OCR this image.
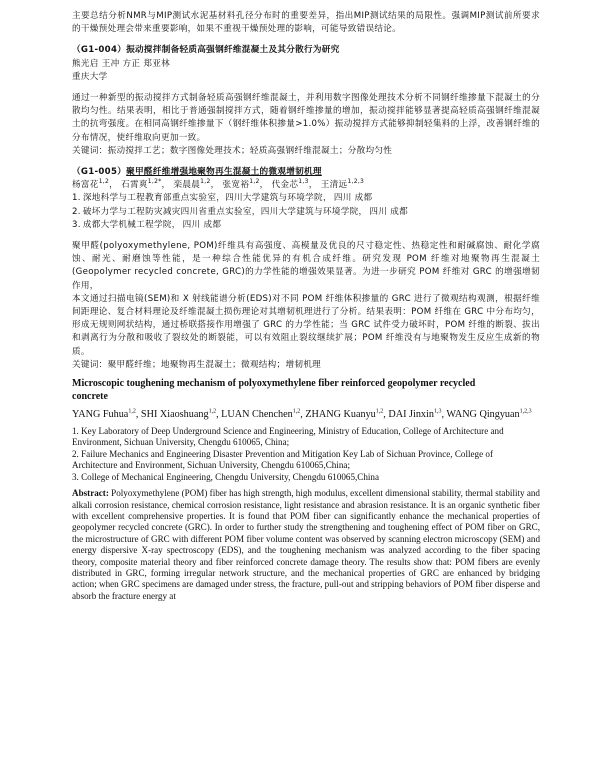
主要总结分析NMR与MIP测试水泥基材料孔径分布时的重要差异，指出MIP测试结果的局限性。强调MIP测试前所要求的干燥预处理会带来重要影响，如果不重视干燥预处理的影响，可能导致错误结论。

（G1-004）振动搅拌制备轻质高强钢纤维混凝土及其分散行为研究

熊光启 王冲 方正 郑亚林

重庆大学

通过一种新型的振动搅拌方式制备轻质高强钢纤维混凝土，并利用数字图像处理技术分析不同钢纤维掺量下混凝土的分散均匀性。结果表明，相比于普通强制搅拌方式，随着钢纤维掺量的增加，振动搅拌能够显著提高轻质高强钢纤维混凝土的抗弯强度。在相同高钢纤维掺量下（钢纤维体积掺量>1.0%）振动搅拌方式能够抑制轻集料的上浮，改善钢纤维的分布情况，使纤维取向更加一致。

关键词：振动搅拌工艺；数字图像处理技术；轻质高强钢纤维混凝土；分散均匀性

（G1-005）聚甲醛纤维增强地聚物再生混凝土的微观增韧机理

杨富花$^{1,2}$， 石霄爽$^{1,2*}$， 栾晨晨$^{1,2}$， 张宽裕$^{1,2}$， 代金芯$^{1,3}$， 王清远$^{1,2,3}$

1. 深地科学与工程教育部重点实验室，四川大学建筑与环境学院， 四川 成都

2. 破坏力学与工程防灾减灾四川省重点实验室，四川大学建筑与环境学院， 四川 成都

3. 成都大学机械工程学院， 四川 成都

聚甲醛(polyoxymethylene, POM)纤维具有高强度、高模量及优良的尺寸稳定性、热稳定性和耐碱腐蚀、耐化学腐蚀、耐光、耐磨蚀等性能，是一种综合性能优异的有机合成纤维。研究发现 POM 纤维对地聚物再生混凝土(Geopolymer recycled concrete, GRC)的力学性能的增强效果显著。为进一步研究 POM 纤维对 GRC 的增强增韧作用，

本文通过扫描电镜(SEM)和 X 射线能谱分析(EDS)对不同 POM 纤维体积掺量的 GRC 进行了微观结构观测，根据纤维间距理论、复合材料理论及纤维混凝土损伤理论对其增韧机理进行了分析。结果表明：POM 纤维在 GRC 中分布均匀，形成无规则网状结构，通过桥联搭接作用增强了 GRC 的力学性能；当 GRC 试件受力破坏时，POM 纤维的断裂、拔出和剥离行为分散和吸收了裂纹处的断裂能，可以有效阻止裂纹继续扩展；POM 纤维没有与地聚物发生反应生成新的物质。

关键词：聚甲醛纤维；地聚物再生混凝土；微观结构；增韧机理

Microscopic toughening mechanism of polyoxymethylene fiber reinforced geopolymer recycled
concrete

YANG Fuhua$^{1,2}$, SHI Xiaoshuang$^{1,2}$, LUAN Chenchen$^{1,2}$, ZHANG Kuanyu$^{1,2}$, DAI Jinxin$^{1,3}$, WANG Qingyuan$^{1,2,3}$

1. Key Laboratory of Deep Underground Science and Engineering, Ministry of Education, College of Architecture and Environment, Sichuan University, Chengdu 610065, China;

2. Failure Mechanics and Engineering Disaster Prevention and Mitigation Key Lab of Sichuan Province, College of Architecture and Environment, Sichuan University, Chengdu 610065,China;

3. College of Mechanical Engineering, Chengdu University, Chengdu 610065,China

Abstract: Polyoxymethylene (POM) fiber has high strength, high modulus, excellent dimensional stability, thermal stability and alkali corrosion resistance, chemical corrosion resistance, light resistance and abrasion resistance. It is an organic synthetic fiber with excellent comprehensive properties. It is found that POM fiber can significantly enhance the mechanical properties of geopolymer recycled concrete (GRC). In order to further study the strengthening and toughening effect of POM fiber on GRC, the microstructure of GRC with different POM fiber volume content was observed by scanning electron microscopy (SEM) and energy dispersive X-ray spectroscopy (EDS), and the toughening mechanism was analyzed according to the fiber spacing theory, composite material theory and fiber reinforced concrete damage theory. The results show that: POM fibers are evenly distributed in GRC, forming irregular network structure, and the mechanical properties of GRC are enhanced by bridging action; when GRC specimens are damaged under stress, the fracture, pull-out and stripping behaviors of POM fiber disperse and absorb the fracture energy at
